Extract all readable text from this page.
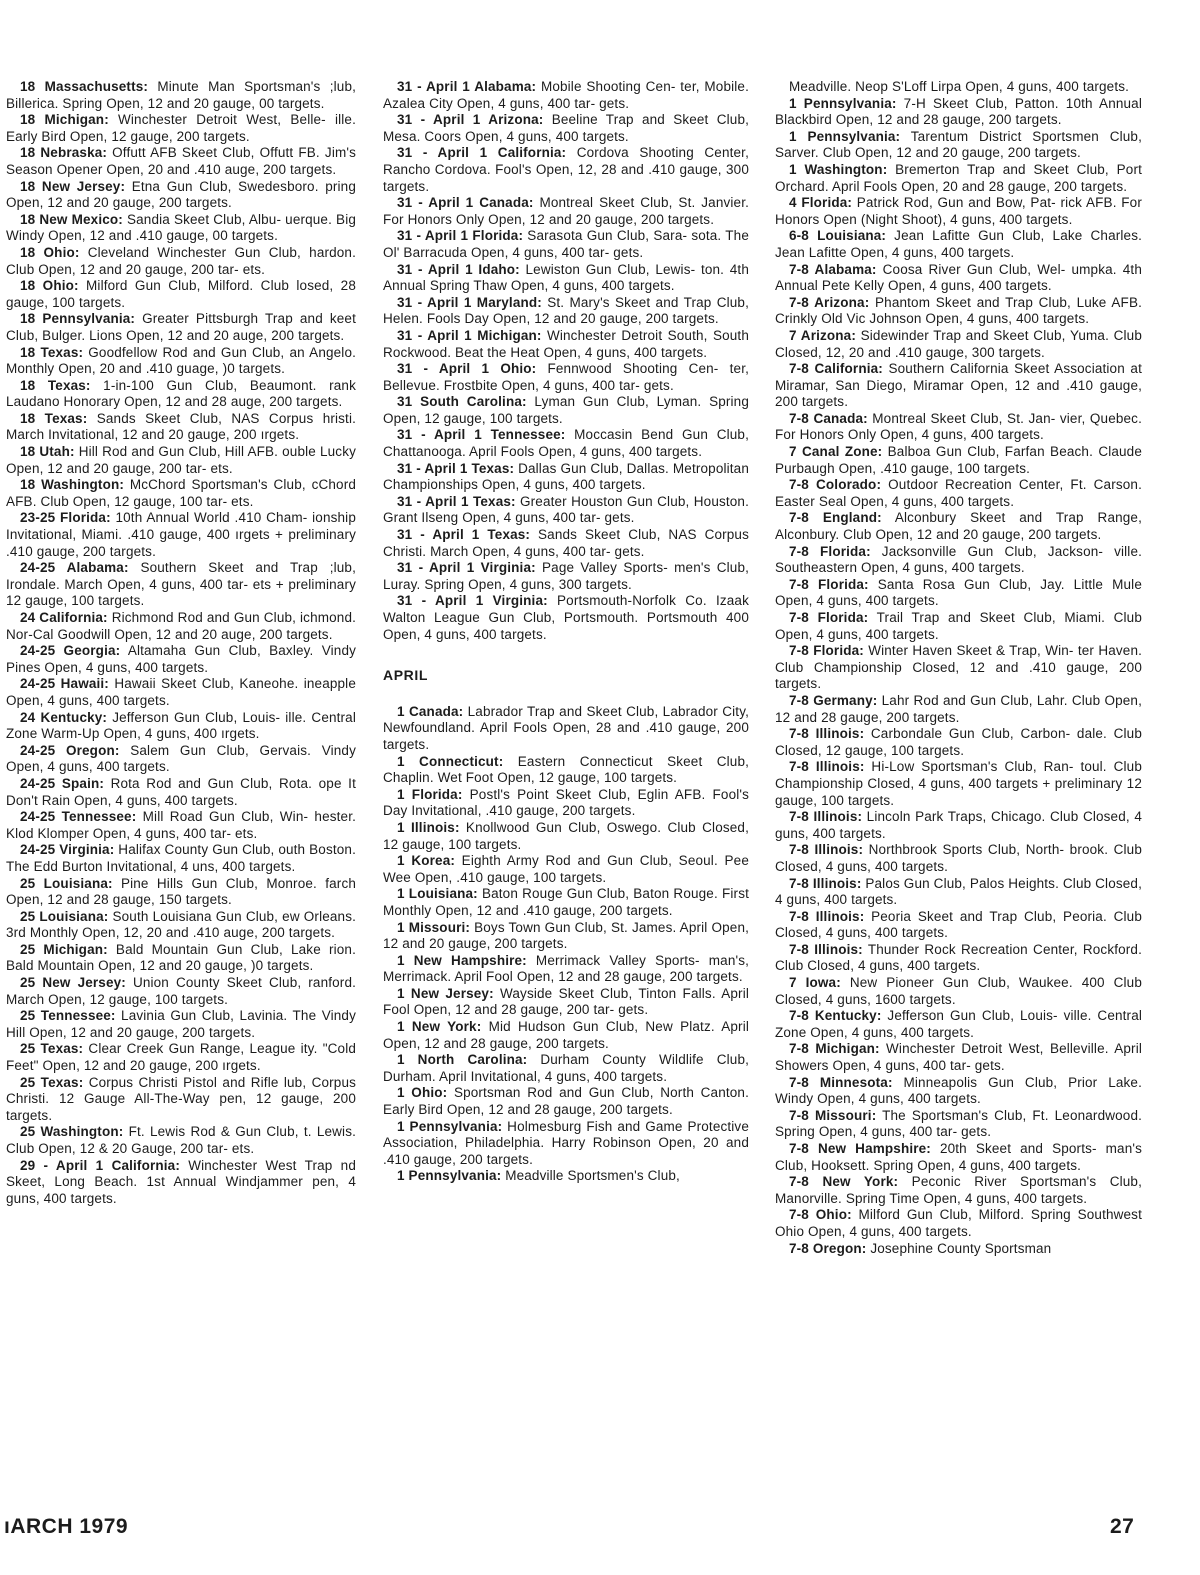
18 Massachusetts: Minute Man Sportsman's ;lub, Billerica. Spring Open, 12 and 20 gauge, 00 targets.

18 Michigan: Winchester Detroit West, Belle- ille. Early Bird Open, 12 gauge, 200 targets.

18 Nebraska: Offutt AFB Skeet Club, Offutt FB. Jim's Season Opener Open, 20 and .410 auge, 200 targets.

18 New Jersey: Etna Gun Club, Swedesboro. pring Open, 12 and 20 gauge, 200 targets.

18 New Mexico: Sandia Skeet Club, Albu- uerque. Big Windy Open, 12 and .410 gauge, 00 targets.

18 Ohio: Cleveland Winchester Gun Club, hardon. Club Open, 12 and 20 gauge, 200 tar- ets.

18 Ohio: Milford Gun Club, Milford. Club losed, 28 gauge, 100 targets.

18 Pennsylvania: Greater Pittsburgh Trap and keet Club, Bulger. Lions Open, 12 and 20 auge, 200 targets.

18 Texas: Goodfellow Rod and Gun Club, an Angelo. Monthly Open, 20 and .410 guage, )0 targets.

18 Texas: 1-in-100 Gun Club, Beaumont. rank Laudano Honorary Open, 12 and 28 auge, 200 targets.

18 Texas: Sands Skeet Club, NAS Corpus hristi. March Invitational, 12 and 20 gauge, 200 ırgets.

18 Utah: Hill Rod and Gun Club, Hill AFB. ouble Lucky Open, 12 and 20 gauge, 200 tar- ets.

18 Washington: McChord Sportsman's Club, cChord AFB. Club Open, 12 gauge, 100 tar- ets.

23-25 Florida: 10th Annual World .410 Cham- ionship Invitational, Miami. .410 gauge, 400 ırgets + preliminary .410 gauge, 200 targets.

24-25 Alabama: Southern Skeet and Trap ;lub, Irondale. March Open, 4 guns, 400 tar- ets + preliminary 12 gauge, 100 targets.

24 California: Richmond Rod and Gun Club, ichmond. Nor-Cal Goodwill Open, 12 and 20 auge, 200 targets.

24-25 Georgia: Altamaha Gun Club, Baxley. Vindy Pines Open, 4 guns, 400 targets.

24-25 Hawaii: Hawaii Skeet Club, Kaneohe. ineapple Open, 4 guns, 400 targets.

24 Kentucky: Jefferson Gun Club, Louis- ille. Central Zone Warm-Up Open, 4 guns, 400 ırgets.

24-25 Oregon: Salem Gun Club, Gervais. Vindy Open, 4 guns, 400 targets.

24-25 Spain: Rota Rod and Gun Club, Rota. ope It Don't Rain Open, 4 guns, 400 targets.

24-25 Tennessee: Mill Road Gun Club, Win- hester. Klod Klomper Open, 4 guns, 400 tar- ets.

24-25 Virginia: Halifax County Gun Club, outh Boston. The Edd Burton Invitational, 4 uns, 400 targets.

25 Louisiana: Pine Hills Gun Club, Monroe. farch Open, 12 and 28 gauge, 150 targets.

25 Louisiana: South Louisiana Gun Club, ew Orleans. 3rd Monthly Open, 12, 20 and .410 auge, 200 targets.

25 Michigan: Bald Mountain Gun Club, Lake rion. Bald Mountain Open, 12 and 20 gauge, )0 targets.

25 New Jersey: Union County Skeet Club, ranford. March Open, 12 gauge, 100 targets.

25 Tennessee: Lavinia Gun Club, Lavinia. The Vindy Hill Open, 12 and 20 gauge, 200 targets.

25 Texas: Clear Creek Gun Range, League ity. "Cold Feet" Open, 12 and 20 gauge, 200 ırgets.

25 Texas: Corpus Christi Pistol and Rifle lub, Corpus Christi. 12 Gauge All-The-Way pen, 12 gauge, 200 targets.

25 Washington: Ft. Lewis Rod & Gun Club, t. Lewis. Club Open, 12 & 20 Gauge, 200 tar- ets.

29 - April 1 California: Winchester West Trap nd Skeet, Long Beach. 1st Annual Windjammer pen, 4 guns, 400 targets.

31 - April 1 Alabama: Mobile Shooting Cen- ter, Mobile. Azalea City Open, 4 guns, 400 tar- gets.

31 - April 1 Arizona: Beeline Trap and Skeet Club, Mesa. Coors Open, 4 guns, 400 targets.

31 - April 1 California: Cordova Shooting Center, Rancho Cordova. Fool's Open, 12, 28 and .410 gauge, 300 targets.

31 - April 1 Canada: Montreal Skeet Club, St. Janvier. For Honors Only Open, 12 and 20 gauge, 200 targets.

31 - April 1 Florida: Sarasota Gun Club, Sara- sota. The Ol' Barracuda Open, 4 guns, 400 tar- gets.

31 - April 1 Idaho: Lewiston Gun Club, Lewis- ton. 4th Annual Spring Thaw Open, 4 guns, 400 targets.

31 - April 1 Maryland: St. Mary's Skeet and Trap Club, Helen. Fools Day Open, 12 and 20 gauge, 200 targets.

31 - April 1 Michigan: Winchester Detroit South, South Rockwood. Beat the Heat Open, 4 guns, 400 targets.

31 - April 1 Ohio: Fennwood Shooting Cen- ter, Bellevue. Frostbite Open, 4 guns, 400 tar- gets.

31 South Carolina: Lyman Gun Club, Lyman. Spring Open, 12 gauge, 100 targets.

31 - April 1 Tennessee: Moccasin Bend Gun Club, Chattanooga. April Fools Open, 4 guns, 400 targets.

31 - April 1 Texas: Dallas Gun Club, Dallas. Metropolitan Championships Open, 4 guns, 400 targets.

31 - April 1 Texas: Greater Houston Gun Club, Houston. Grant Ilseng Open, 4 guns, 400 tar- gets.

31 - April 1 Texas: Sands Skeet Club, NAS Corpus Christi. March Open, 4 guns, 400 tar- gets.

31 - April 1 Virginia: Page Valley Sports- men's Club, Luray. Spring Open, 4 guns, 300 targets.

31 - April 1 Virginia: Portsmouth-Norfolk Co. Izaak Walton League Gun Club, Portsmouth. Portsmouth 400 Open, 4 guns, 400 targets.

APRIL

1 Canada: Labrador Trap and Skeet Club, Labrador City, Newfoundland. April Fools Open, 28 and .410 gauge, 200 targets.

1 Connecticut: Eastern Connecticut Skeet Club, Chaplin. Wet Foot Open, 12 gauge, 100 targets.

1 Florida: Postl's Point Skeet Club, Eglin AFB. Fool's Day Invitational, .410 gauge, 200 targets.

1 Illinois: Knollwood Gun Club, Oswego. Club Closed, 12 gauge, 100 targets.

1 Korea: Eighth Army Rod and Gun Club, Seoul. Pee Wee Open, .410 gauge, 100 targets.

1 Louisiana: Baton Rouge Gun Club, Baton Rouge. First Monthly Open, 12 and .410 gauge, 200 targets.

1 Missouri: Boys Town Gun Club, St. James. April Open, 12 and 20 gauge, 200 targets.

1 New Hampshire: Merrimack Valley Sports- man's, Merrimack. April Fool Open, 12 and 28 gauge, 200 targets.

1 New Jersey: Wayside Skeet Club, Tinton Falls. April Fool Open, 12 and 28 gauge, 200 tar- gets.

1 New York: Mid Hudson Gun Club, New Platz. April Open, 12 and 28 gauge, 200 targets.

1 North Carolina: Durham County Wildlife Club, Durham. April Invitational, 4 guns, 400 targets.

1 Ohio: Sportsman Rod and Gun Club, North Canton. Early Bird Open, 12 and 28 gauge, 200 targets.

1 Pennsylvania: Holmesburg Fish and Game Protective Association, Philadelphia. Harry Robinson Open, 20 and .410 gauge, 200 targets.

1 Pennsylvania: Meadville Sportsmen's Club,

Meadville. Neop S'Loff Lirpa Open, 4 guns, 400 targets.

1 Pennsylvania: 7-H Skeet Club, Patton. 10th Annual Blackbird Open, 12 and 28 gauge, 200 targets.

1 Pennsylvania: Tarentum District Sportsmen Club, Sarver. Club Open, 12 and 20 gauge, 200 targets.

1 Washington: Bremerton Trap and Skeet Club, Port Orchard. April Fools Open, 20 and 28 gauge, 200 targets.

4 Florida: Patrick Rod, Gun and Bow, Pat- rick AFB. For Honors Open (Night Shoot), 4 guns, 400 targets.

6-8 Louisiana: Jean Lafitte Gun Club, Lake Charles. Jean Lafitte Open, 4 guns, 400 targets.

7-8 Alabama: Coosa River Gun Club, Wel- umpka. 4th Annual Pete Kelly Open, 4 guns, 400 targets.

7-8 Arizona: Phantom Skeet and Trap Club, Luke AFB. Crinkly Old Vic Johnson Open, 4 guns, 400 targets.

7 Arizona: Sidewinder Trap and Skeet Club, Yuma. Club Closed, 12, 20 and .410 gauge, 300 targets.

7-8 California: Southern California Skeet Association at Miramar, San Diego, Miramar Open, 12 and .410 gauge, 200 targets.

7-8 Canada: Montreal Skeet Club, St. Jan- vier, Quebec. For Honors Only Open, 4 guns, 400 targets.

7 Canal Zone: Balboa Gun Club, Farfan Beach. Claude Purbaugh Open, .410 gauge, 100 targets.

7-8 Colorado: Outdoor Recreation Center, Ft. Carson. Easter Seal Open, 4 guns, 400 targets.

7-8 England: Alconbury Skeet and Trap Range, Alconbury. Club Open, 12 and 20 gauge, 200 targets.

7-8 Florida: Jacksonville Gun Club, Jackson- ville. Southeastern Open, 4 guns, 400 targets.

7-8 Florida: Santa Rosa Gun Club, Jay. Little Mule Open, 4 guns, 400 targets.

7-8 Florida: Trail Trap and Skeet Club, Miami. Club Open, 4 guns, 400 targets.

7-8 Florida: Winter Haven Skeet & Trap, Win- ter Haven. Club Championship Closed, 12 and .410 gauge, 200 targets.

7-8 Germany: Lahr Rod and Gun Club, Lahr. Club Open, 12 and 28 gauge, 200 targets.

7-8 Illinois: Carbondale Gun Club, Carbon- dale. Club Closed, 12 gauge, 100 targets.

7-8 Illinois: Hi-Low Sportsman's Club, Ran- toul. Club Championship Closed, 4 guns, 400 targets + preliminary 12 gauge, 100 targets.

7-8 Illinois: Lincoln Park Traps, Chicago. Club Closed, 4 guns, 400 targets.

7-8 Illinois: Northbrook Sports Club, North- brook. Club Closed, 4 guns, 400 targets.

7-8 Illinois: Palos Gun Club, Palos Heights. Club Closed, 4 guns, 400 targets.

7-8 Illinois: Peoria Skeet and Trap Club, Peoria. Club Closed, 4 guns, 400 targets.

7-8 Illinois: Thunder Rock Recreation Center, Rockford. Club Closed, 4 guns, 400 targets.

7 Iowa: New Pioneer Gun Club, Waukee. 400 Club Closed, 4 guns, 1600 targets.

7-8 Kentucky: Jefferson Gun Club, Louis- ville. Central Zone Open, 4 guns, 400 targets.

7-8 Michigan: Winchester Detroit West, Belleville. April Showers Open, 4 guns, 400 tar- gets.

7-8 Minnesota: Minneapolis Gun Club, Prior Lake. Windy Open, 4 guns, 400 targets.

7-8 Missouri: The Sportsman's Club, Ft. Leonardwood. Spring Open, 4 guns, 400 tar- gets.

7-8 New Hampshire: 20th Skeet and Sports- man's Club, Hooksett. Spring Open, 4 guns, 400 targets.

7-8 New York: Peconic River Sportsman's Club, Manorville. Spring Time Open, 4 guns, 400 targets.

7-8 Ohio: Milford Gun Club, Milford. Spring Southwest Ohio Open, 4 guns, 400 targets.

7-8 Oregon: Josephine County Sportsman

ıARCH 1979	27
